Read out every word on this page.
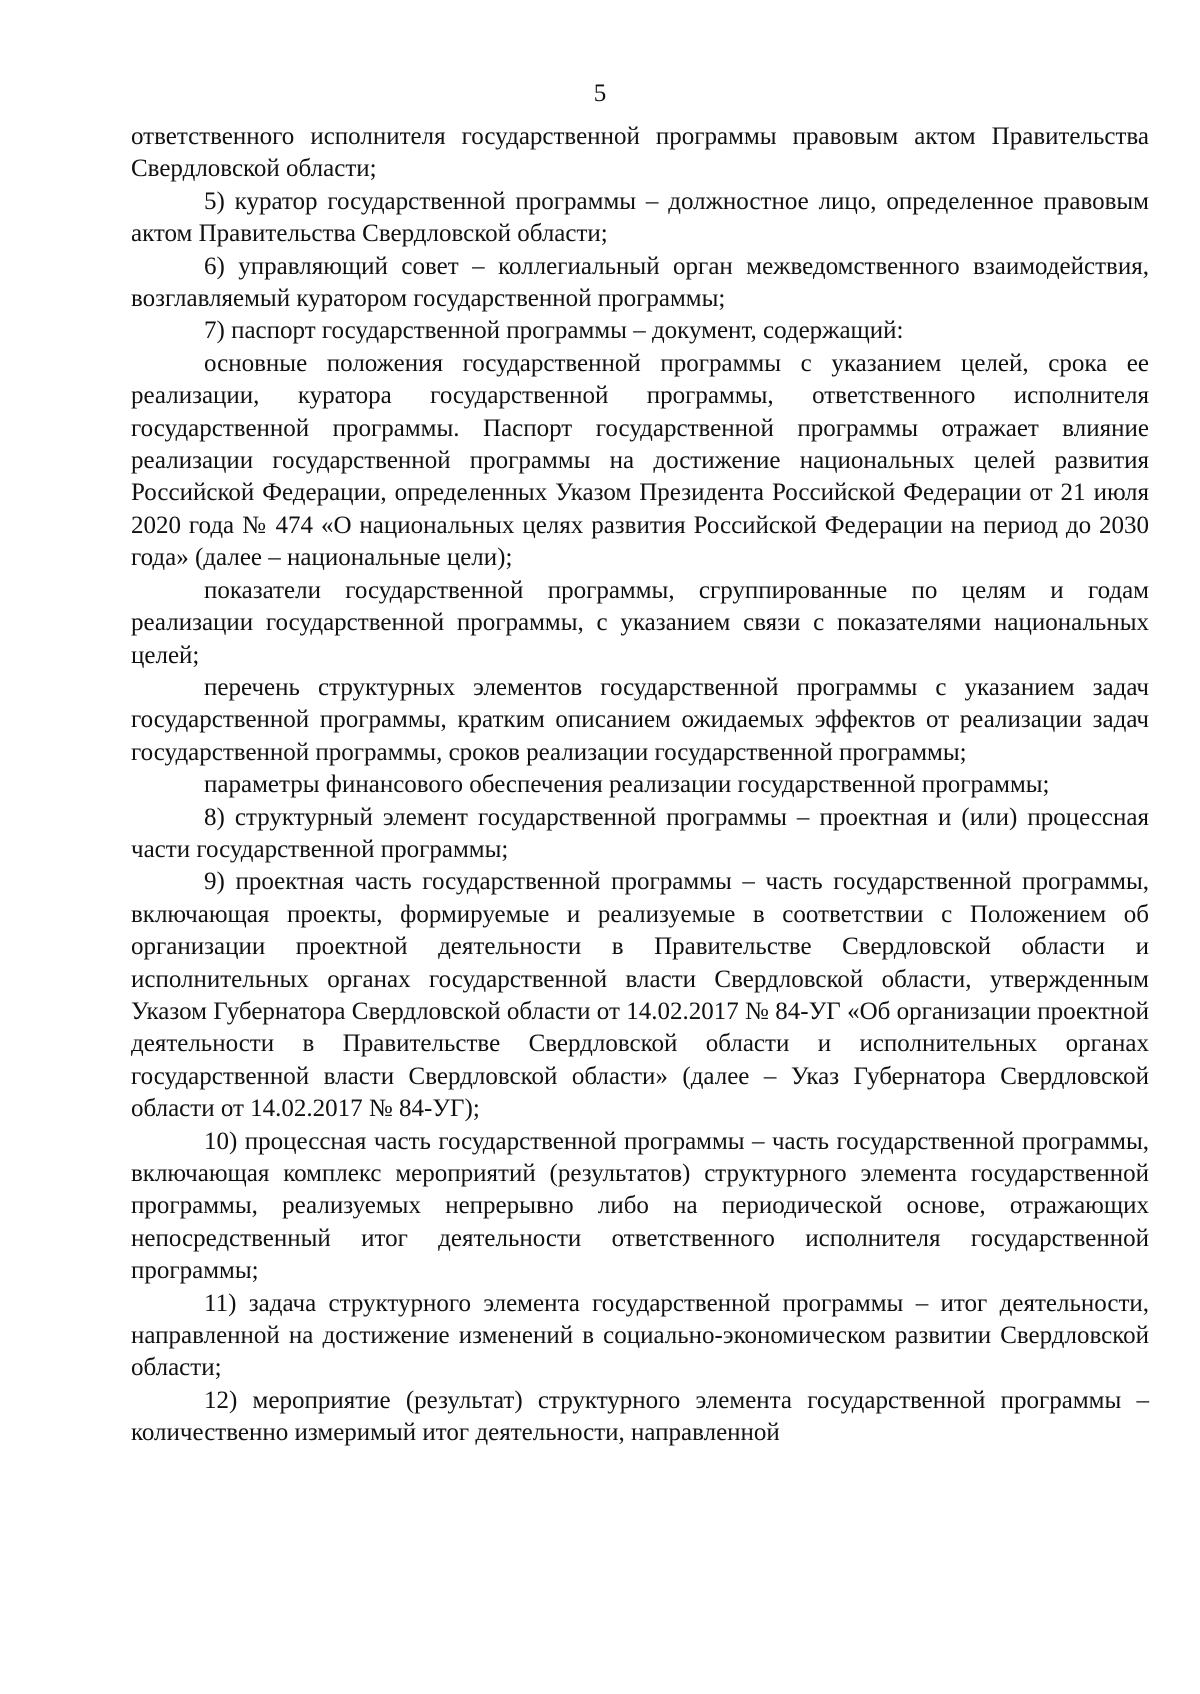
5

ответственного исполнителя государственной программы правовым актом Правительства Свердловской области;

5) куратор государственной программы – должностное лицо, определенное правовым актом Правительства Свердловской области;

6) управляющий совет – коллегиальный орган межведомственного взаимодействия, возглавляемый куратором государственной программы;

7) паспорт государственной программы – документ, содержащий:

основные положения государственной программы с указанием целей, срока ее реализации, куратора государственной программы, ответственного исполнителя государственной программы. Паспорт государственной программы отражает влияние реализации государственной программы на достижение национальных целей развития Российской Федерации, определенных Указом Президента Российской Федерации от 21 июля 2020 года № 474 «О национальных целях развития Российской Федерации на период до 2030 года» (далее – национальные цели);

показатели государственной программы, сгруппированные по целям и годам реализации государственной программы, с указанием связи с показателями национальных целей;

перечень структурных элементов государственной программы с указанием задач государственной программы, кратким описанием ожидаемых эффектов от реализации задач государственной программы, сроков реализации государственной программы;

параметры финансового обеспечения реализации государственной программы;

8) структурный элемент государственной программы – проектная и (или) процессная части государственной программы;

9) проектная часть государственной программы – часть государственной программы, включающая проекты, формируемые и реализуемые в соответствии с Положением об организации проектной деятельности в Правительстве Свердловской области и исполнительных органах государственной власти Свердловской области, утвержденным Указом Губернатора Свердловской области от 14.02.2017 № 84-УГ «Об организации проектной деятельности в Правительстве Свердловской области и исполнительных органах государственной власти Свердловской области» (далее – Указ Губернатора Свердловской области от 14.02.2017 № 84-УГ);

10) процессная часть государственной программы – часть государственной программы, включающая комплекс мероприятий (результатов) структурного элемента государственной программы, реализуемых непрерывно либо на периодической основе, отражающих непосредственный итог деятельности ответственного исполнителя государственной программы;

11) задача структурного элемента государственной программы – итог деятельности, направленной на достижение изменений в социально-экономическом развитии Свердловской области;

12) мероприятие (результат) структурного элемента государственной программы – количественно измеримый итог деятельности, направленной
